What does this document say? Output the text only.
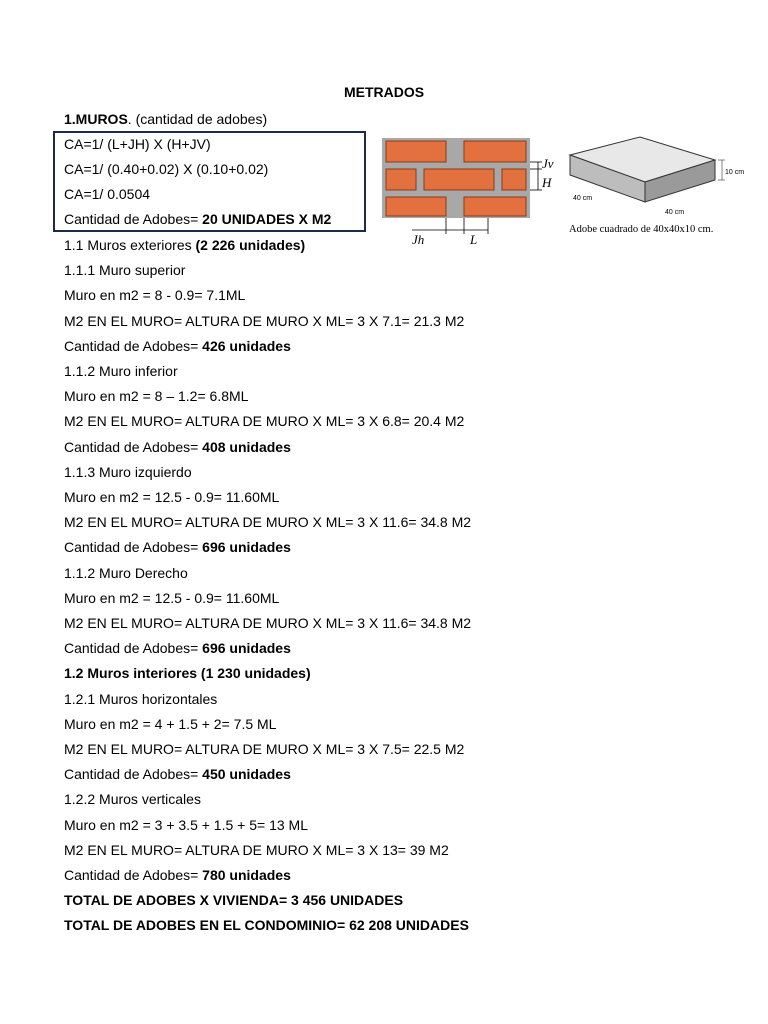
METRADOS
1.MUROS. (cantidad de adobes)
CA=1/ (L+JH) X (H+JV)
CA=1/ (0.40+0.02) X (0.10+0.02)
CA=1/ 0.0504
Cantidad de Adobes= 20 UNIDADES X M2
Jv
H
Jh	L
10 cm
40 cm
40 cm
Adobe cuadrado de 40x40x10 cm.
1.1 Muros exteriores (2 226 unidades)
1.1.1 Muro superior
Muro en m2 = 8 - 0.9= 7.1ML
M2 EN EL MURO= ALTURA DE MURO X ML= 3 X 7.1= 21.3 M2
Cantidad de Adobes= 426 unidades
1.1.2 Muro inferior
Muro en m2 = 8 – 1.2= 6.8ML
M2 EN EL MURO= ALTURA DE MURO X ML= 3 X 6.8= 20.4 M2
Cantidad de Adobes= 408 unidades
1.1.3 Muro izquierdo
Muro en m2 = 12.5 - 0.9= 11.60ML
M2 EN EL MURO= ALTURA DE MURO X ML= 3 X 11.6= 34.8 M2
Cantidad de Adobes= 696 unidades
1.1.2 Muro Derecho
Muro en m2 = 12.5 - 0.9= 11.60ML
M2 EN EL MURO= ALTURA DE MURO X ML= 3 X 11.6= 34.8 M2
Cantidad de Adobes= 696 unidades
1.2 Muros interiores (1 230 unidades)
1.2.1 Muros horizontales
Muro en m2 = 4 + 1.5 + 2= 7.5 ML
M2 EN EL MURO= ALTURA DE MURO X ML= 3 X 7.5= 22.5 M2
Cantidad de Adobes= 450 unidades
1.2.2 Muros verticales
Muro en m2 = 3 + 3.5 + 1.5 + 5= 13 ML
M2 EN EL MURO= ALTURA DE MURO X ML= 3 X 13= 39 M2
Cantidad de Adobes= 780 unidades
TOTAL DE ADOBES X VIVIENDA= 3 456 UNIDADES
TOTAL DE ADOBES EN EL CONDOMINIO= 62 208 UNIDADES
